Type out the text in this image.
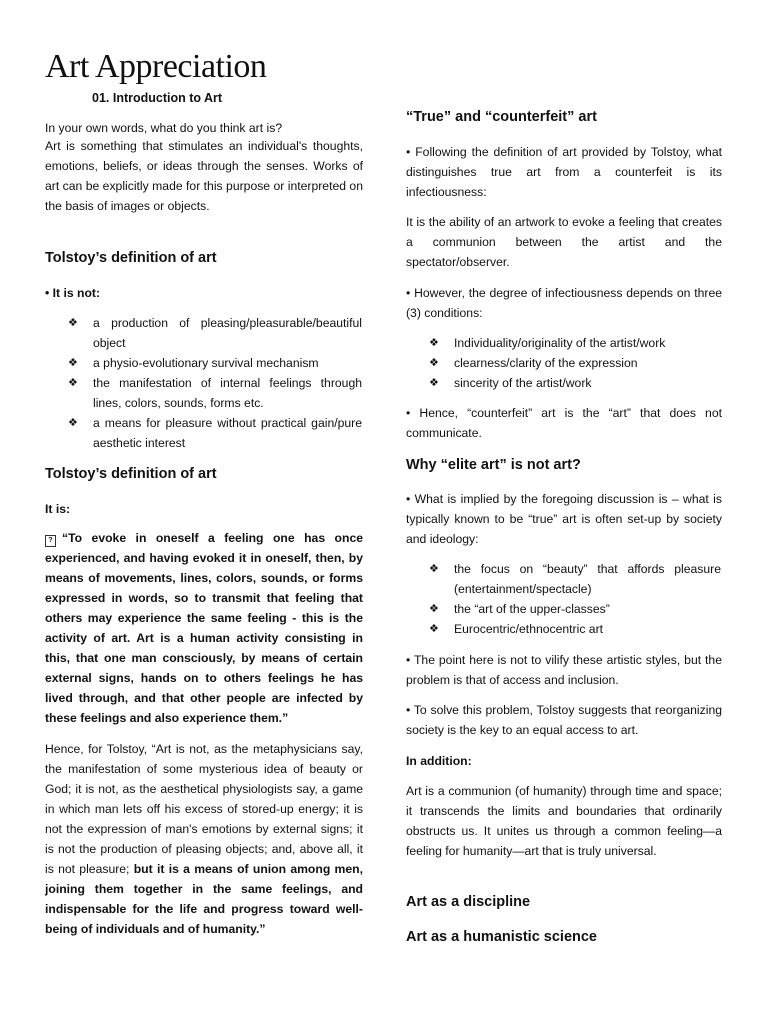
Art Appreciation
01. Introduction to Art

In your own words, what do you think art is?

Art is something that stimulates an individual's thoughts, emotions, beliefs, or ideas through the senses. Works of art can be explicitly made for this purpose or interpreted on the basis of images or objects.

Tolstoy’s definition of art

• It is not:

❖ a production of pleasing/pleasurable/beautiful object
❖ a physio-evolutionary survival mechanism
❖ the manifestation of internal feelings through lines, colors, sounds, forms etc.
❖ a means for pleasure without practical gain/pure aesthetic interest
Tolstoy’s definition of art

It is:

? “To evoke in oneself a feeling one has once experienced, and having evoked it in oneself, then, by means of movements, lines, colors, sounds, or forms expressed in words, so to transmit that feeling that others may experience the same feeling - this is the activity of art. Art is a human activity consisting in this, that one man consciously, by means of certain external signs, hands on to others feelings he has lived through, and that other people are infected by these feelings and also experience them.”

Hence, for Tolstoy, “Art is not, as the metaphysicians say, the manifestation of some mysterious idea of beauty or God; it is not, as the aesthetical physiologists say, a game in which man lets off his excess of stored-up energy; it is not the expression of man's emotions by external signs; it is not the production of pleasing objects; and, above all, it is not pleasure; but it is a means of union among men, joining them together in the same feelings, and indispensable for the life and progress toward well-being of individuals and of humanity.”

“True” and “counterfeit” art

• Following the definition of art provided by Tolstoy, what distinguishes true art from a counterfeit is its infectiousness:

It is the ability of an artwork to evoke a feeling that creates a communion between the artist and the spectator/observer.

• However, the degree of infectiousness depends on three (3) conditions:

❖ Individuality/originality of the artist/work
❖ clearness/clarity of the expression
❖ sincerity of the artist/work

• Hence, “counterfeit” art is the “art” that does not communicate.

Why “elite art” is not art?

• What is implied by the foregoing discussion is – what is typically known to be “true” art is often set-up by society and ideology:

❖ the focus on “beauty” that affords pleasure (entertainment/spectacle)
❖ the “art of the upper-classes”
❖ Eurocentric/ethnocentric art

• The point here is not to vilify these artistic styles, but the problem is that of access and inclusion.

• To solve this problem, Tolstoy suggests that reorganizing society is the key to an equal access to art.

In addition:

Art is a communion (of humanity) through time and space; it transcends the limits and boundaries that ordinarily obstructs us. It unites us through a common feeling—a feeling for humanity—art that is truly universal.

Art as a discipline
Art as a humanistic science
